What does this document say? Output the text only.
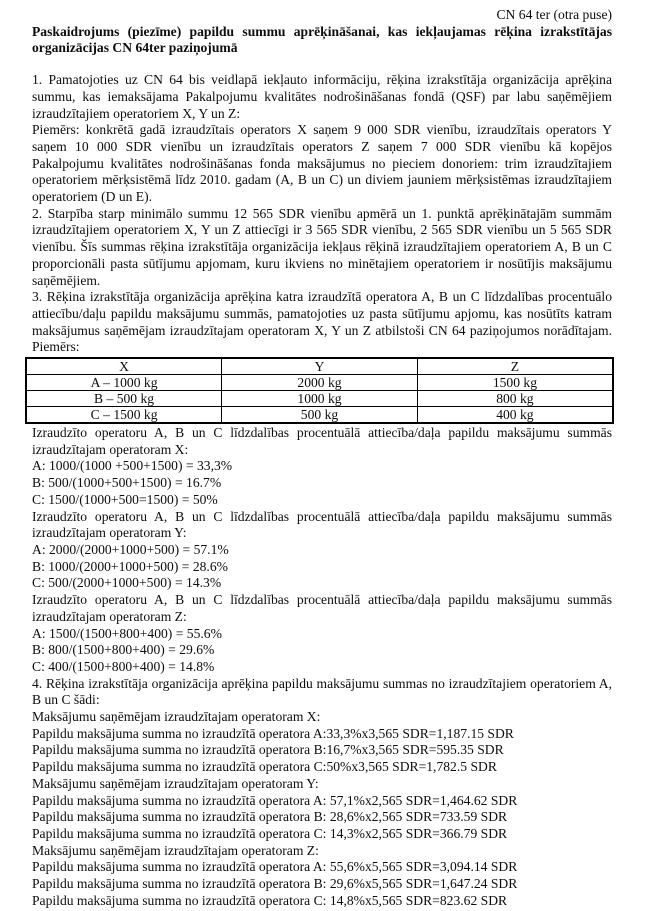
CN 64 ter (otra puse)

Paskaidrojums (piezīme) papildu summu aprēķināšanai, kas iekļaujamas rēķina izrakstītājas organizācijas CN 64ter paziņojumā

1. Pamatojoties uz CN 64 bis veidlapā iekļauto informāciju, rēķina izrakstītāja organizācija aprēķina summu, kas iemaksājama Pakalpojumu kvalitātes nodrošināšanas fondā (QSF) par labu saņēmējiem izraudzītajiem operatoriem X, Y un Z:

Piemērs: konkrētā gadā izraudzītais operators X saņem 9 000 SDR vienību, izraudzītais operators Y saņem 10 000 SDR vienību un izraudzītais operators Z saņem 7 000 SDR vienību kā kopējos Pakalpojumu kvalitātes nodrošināšanas fonda maksājumus no pieciem donoriem: trim izraudzītajiem operatoriem mērķsistēmā līdz 2010. gadam (A, B un C) un diviem jauniem mērķsistēmas izraudzītajiem operatoriem (D un E).

2. Starpība starp minimālo summu 12 565 SDR vienību apmērā un 1. punktā aprēķinātajām summām izraudzītajiem operatoriem X, Y un Z attiecīgi ir 3 565 SDR vienību, 2 565 SDR vienību un 5 565 SDR vienību. Šīs summas rēķina izrakstītāja organizācija iekļaus rēķinā izraudzītajiem operatoriem A, B un C proporcionāli pasta sūtījumu apjomam, kuru ikviens no minētajiem operatoriem ir nosūtījis maksājumu saņēmējiem.

3. Rēķina izrakstītāja organizācija aprēķina katra izraudzītā operatora A, B un C līdzdalības procentuālo attiecību/daļu papildu maksājumu summās, pamatojoties uz pasta sūtījumu apjomu, kas nosūtīts katram maksājumus saņēmējam izraudzītajam operatoram X, Y un Z atbilstoši CN 64 paziņojumos norādītajam. Piemērs:

X	Y	Z
A – 1000 kg	2000 kg	1500 kg
B – 500 kg	1000 kg	800 kg
C – 1500 kg	500 kg	400 kg

Izraudzīto operatoru A, B un C līdzdalības procentuālā attiecība/daļa papildu maksājumu summās izraudzītajam operatoram X:

A: 1000/(1000 +500+1500) = 33,3%

B: 500/(1000+500+1500) = 16.7%

C: 1500/(1000+500=1500) = 50%

Izraudzīto operatoru A, B un C līdzdalības procentuālā attiecība/daļa papildu maksājumu summās izraudzītajam operatoram Y:

A: 2000/(2000+1000+500) = 57.1%

B: 1000/(2000+1000+500) = 28.6%

C: 500/(2000+1000+500) = 14.3%

Izraudzīto operatoru A, B un C līdzdalības procentuālā attiecība/daļa papildu maksājumu summās izraudzītajam operatoram Z:

A: 1500/(1500+800+400) = 55.6%

B: 800/(1500+800+400) = 29.6%

C: 400/(1500+800+400) = 14.8%

4. Rēķina izrakstītāja organizācija aprēķina papildu maksājumu summas no izraudzītajiem operatoriem A, B un C šādi:

Maksājumu saņēmējam izraudzītajam operatoram X:

Papildu maksājuma summa no izraudzītā operatora A:33,3%x3,565 SDR=1,187.15 SDR

Papildu maksājuma summa no izraudzītā operatora B:16,7%x3,565 SDR=595.35 SDR

Papildu maksājuma summa no izraudzītā operatora C:50%x3,565 SDR=1,782.5 SDR

Maksājumu saņēmējam izraudzītajam operatoram Y:

Papildu maksājuma summa no izraudzītā operatora A: 57,1%x2,565 SDR=1,464.62 SDR

Papildu maksājuma summa no izraudzītā operatora B: 28,6%x2,565 SDR=733.59 SDR

Papildu maksājuma summa no izraudzītā operatora C: 14,3%x2,565 SDR=366.79 SDR

Maksājumu saņēmējam izraudzītajam operatoram Z:

Papildu maksājuma summa no izraudzītā operatora A: 55,6%x5,565 SDR=3,094.14 SDR

Papildu maksājuma summa no izraudzītā operatora B: 29,6%x5,565 SDR=1,647.24 SDR

Papildu maksājuma summa no izraudzītā operatora C: 14,8%x5,565 SDR=823.62 SDR
